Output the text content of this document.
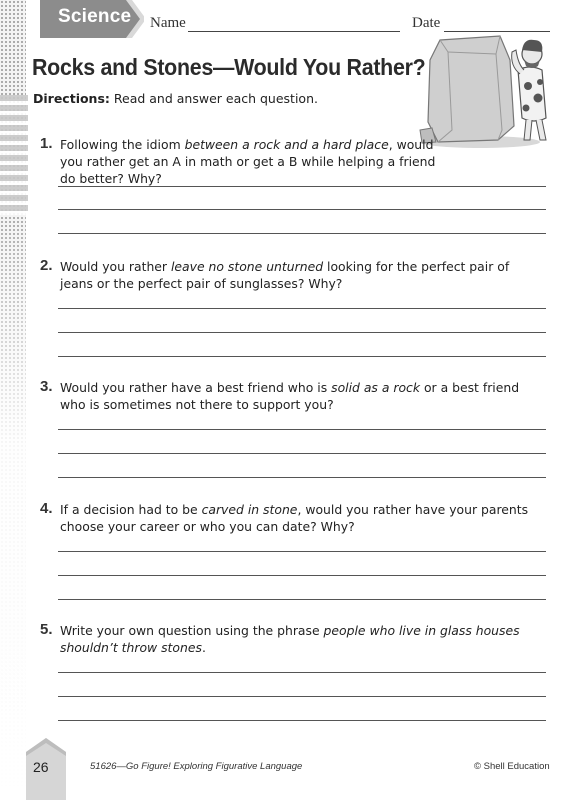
Science Name	Date
Rocks and Stones—Would You Rather?
Directions: Read and answer each question.
1. Following the idiom between a rock and a hard place, would you rather get an A in math or get a B while helping a friend do better? Why?
2. Would you rather leave no stone unturned looking for the perfect pair of jeans or the perfect pair of sunglasses? Why?
3. Would you rather have a best friend who is solid as a rock or a best friend who is sometimes not there to support you?
4. If a decision had to be carved in stone, would you rather have your parents choose your career or who you can date? Why?
5. Write your own question using the phrase people who live in glass houses shouldn’t throw stones.
26	51626—Go Figure! Exploring Figurative Language	© Shell Education
